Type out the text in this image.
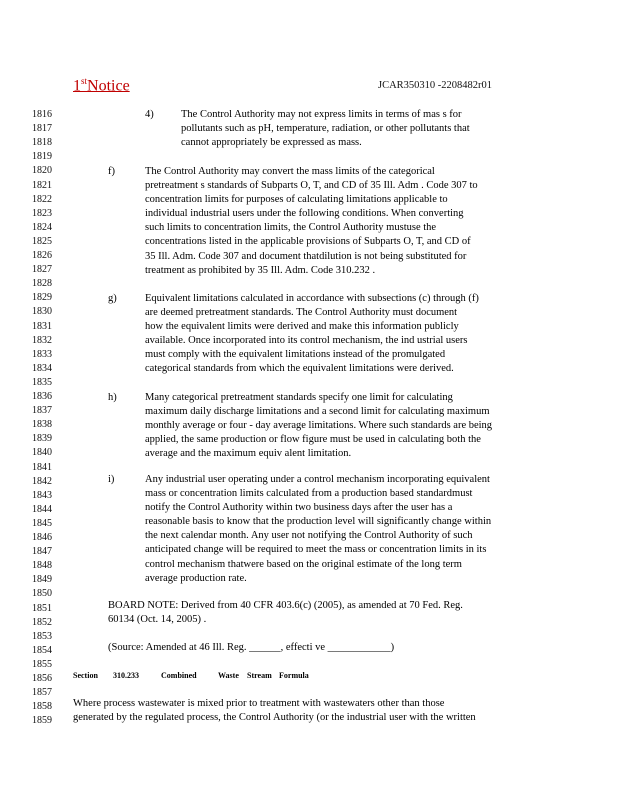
1stNotice	JCAR350310 -2208482r01
1816
1817
1818
1819
1820
1821
1822
1823
1824
1825
1826
1827
1828
1829
1830
1831
1832
1833
1834
1835
1836
1837
1838
1839
1840
1841
1842
1843
1844
1845
1846
1847
1848
1849
1850
1851
1852
1853
1854
1855
1856
1857
1858
1859
4)	The Control Authority may not express limits in terms of mas s for
pollutants such as pH, temperature, radiation, or other pollutants that
cannot appropriately be expressed as mass.

f)	The Control Authority may convert the mass limits of the categorical
pretreatment s standards of Subparts O, T, and CD of 35 Ill. Adm . Code 307 to
concentration limits for purposes of calculating limitations applicable to
individual industrial users under the following conditions. When converting
such limits to concentration limits, the Control Authority mustuse the
concentrations listed in the applicable provisions of Subparts O, T, and CD of
35 Ill. Adm. Code 307 and document thatdilution is not being substituted for
treatment as prohibited by 35 Ill. Adm. Code 310.232 .

g)	Equivalent limitations calculated in accordance with subsections (c) through (f)
are deemed pretreatment standards. The Control Authority must document
how the equivalent limits were derived and make this information publicly
available. Once incorporated into its control mechanism, the ind ustrial users
must comply with the equivalent limitations instead of the promulgated
categorical standards from which the equivalent limitations were derived.

h)	Many categorical pretreatment standards specify one limit for calculating
maximum daily discharge limitations and a second limit for calculating maximum
monthly average or four - day average limitations. Where such standards are being
applied, the same production or flow figure must be used in calculating both the
average and the maximum equiv alent limitation.

i)	Any industrial user operating under a control mechanism incorporating equivalent
mass or concentration limits calculated from a production based standardmust
notify the Control Authority within two business days after the user has a
reasonable basis to know that the production level will significantly change within
the next calendar month. Any user not notifying the Control Authority of such
anticipated change will be required to meet the mass or concentration limits in its
control mechanism thatwere based on the original estimate of the long term
average production rate.

BOARD NOTE: Derived from 40 CFR 403.6(c) (2005), as amended at 70 Fed. Reg.
60134 (Oct. 14, 2005) .

(Source: Amended at 46 Ill. Reg. ______, effecti ve ____________)

Section 310.233	Combined	Waste Stream Formula

Where process wastewater is mixed prior to treatment with wastewaters other than those
generated by the regulated process, the Control Authority (or the industrial user with the written
